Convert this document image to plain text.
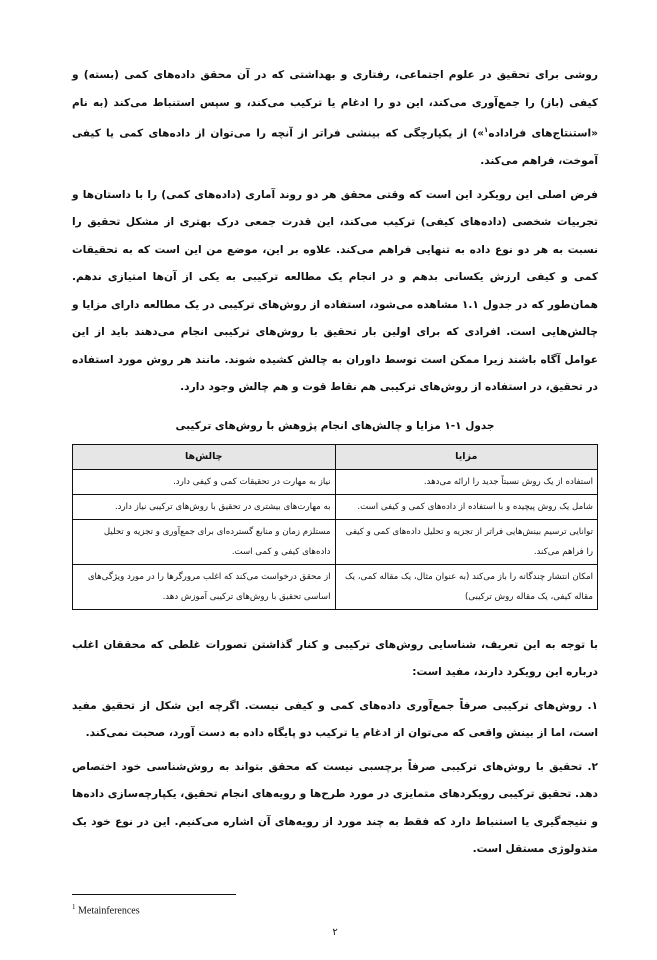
روشی برای تحقیق در علوم اجتماعی، رفتاری و بهداشتی که در آن محقق داده‌های کمی (بسته) و کیفی (باز) را جمع‌آوری می‌کند، این دو را ادغام یا ترکیب می‌کند، و سپس استنباط می‌کند (به نام «استنتاج‌های فراداده$^۱$») از یکپارچگی که بینشی فراتر از آنچه را می‌توان از داده‌های کمی یا کیفی آموخت، فراهم می‌کند.

فرض اصلی این رویکرد این است که وقتی محقق هر دو روند آماری (داده‌های کمی) را با داستان‌ها و تجربیات شخصی (داده‌های کیفی) ترکیب می‌کند، این قدرت جمعی درک بهتری از مشکل تحقیق را نسبت به هر دو نوع داده به تنهایی فراهم می‌کند. علاوه بر این، موضع من این است که به تحقیقات کمی و کیفی ارزش یکسانی بدهم و در انجام یک مطالعه ترکیبی به یکی از آن‌ها امتیازی ندهم. همان‌طور که در جدول ۱.۱ مشاهده می‌شود، استفاده از روش‌های ترکیبی در یک مطالعه دارای مزایا و چالش‌هایی است. افرادی که برای اولین بار تحقیق با روش‌های ترکیبی انجام می‌دهند باید از این عوامل آگاه باشند زیرا ممکن است توسط داوران به چالش کشیده شوند. مانند هر روش مورد استفاده در تحقیق، در استفاده از روش‌های ترکیبی هم نقاط قوت و هم چالش وجود دارد.

جدول ۱-۱ مزایا و چالش‌های انجام پژوهش با روش‌های ترکیبی
مزایا	چالش‌ها
استفاده از یک روش نسبتاً جدید را ارائه می‌دهد.	نیاز به مهارت در تحقیقات کمی و کیفی دارد.
شامل یک روش پیچیده و با استفاده از داده‌های کمی و کیفی است.	به مهارت‌های بیشتری در تحقیق با روش‌های ترکیبی نیاز دارد.
توانایی ترسیم بینش‌هایی فراتر از تجزیه و تحلیل داده‌های کمی و کیفی را فراهم می‌کند.	مستلزم زمان و منابع گسترده‌ای برای جمع‌آوری و تجزیه و تحلیل داده‌های کیفی و کمی است.
امکان انتشار چندگانه را باز می‌کند (به عنوان مثال، یک مقاله کمی، یک مقاله کیفی، یک مقاله روش ترکیبی)	از محقق درخواست می‌کند که اغلب مرورگرها را در مورد ویژگی‌های اساسی تحقیق با روش‌های ترکیبی آموزش دهد.

با توجه به این تعریف، شناسایی روش‌های ترکیبی و کنار گذاشتن تصورات غلطی که محققان اغلب درباره این رویکرد دارند، مفید است:

۱. روش‌های ترکیبی صرفاً جمع‌آوری داده‌های کمی و کیفی نیست. اگرچه این شکل از تحقیق مفید است، اما از بینش واقعی که می‌توان از ادغام یا ترکیب دو پایگاه داده به دست آورد، صحبت نمی‌کند.

۲. تحقیق با روش‌های ترکیبی صرفاً برچسبی نیست که محقق بتواند به روش‌شناسی خود اختصاص دهد. تحقیق ترکیبی رویکردهای متمایزی در مورد طرح‌ها و رویه‌های انجام تحقیق، یکپارچه‌سازی داده‌ها و نتیجه‌گیری یا استنباط دارد که فقط به چند مورد از رویه‌های آن اشاره می‌کنیم. این در نوع خود یک متدولوژی مستقل است.

$^1$ Metainferences
۲
